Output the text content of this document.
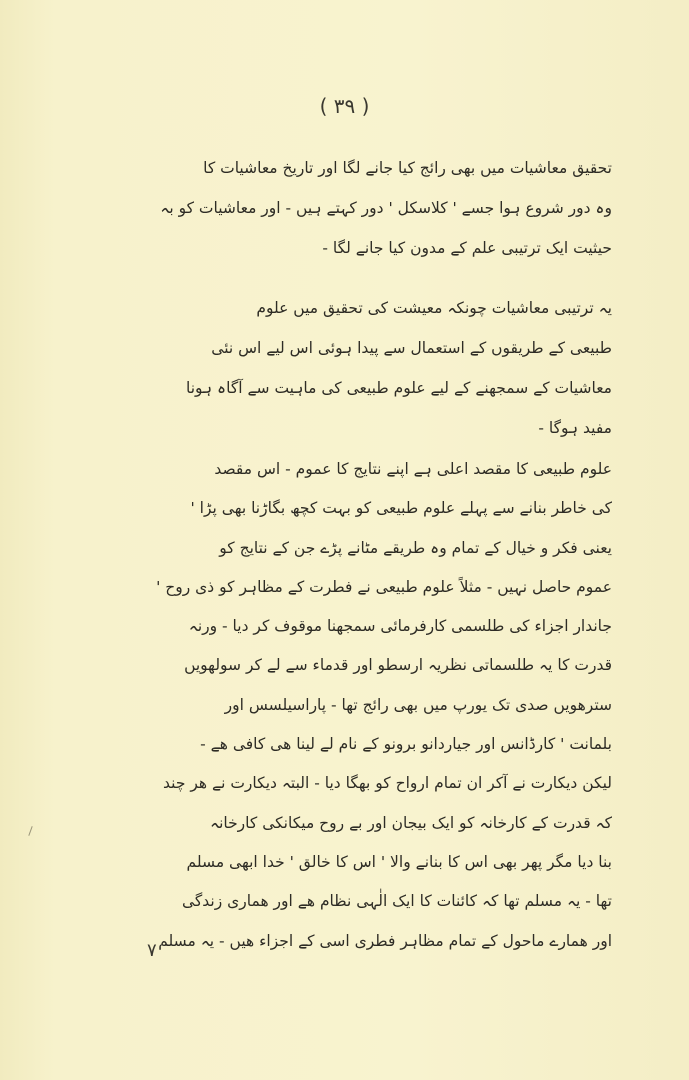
( ٣٩ )
تحقیق معاشیات میں بھی رائج کیا جانے لگا اور تاریخ معاشیات کا
وہ دور شروع ہوا جسے ' کلاسکل ' دور کہتے ہیں - اور معاشیات کو بہ
حیثیت ایک ترتیبی علم کے مدون کیا جانے لگا -
یہ ترتیبی معاشیات چونکہ معیشت کی تحقیق میں علوم
طبیعی کے طریقوں کے استعمال سے پیدا ہوئی اس لیے اس نئی
معاشیات کے سمجھنے کے لیے علوم طبیعی کی ماہیت سے آگاہ ہونا
مفید ہوگا -
علوم طبیعی کا مقصد اعلی ہے اپنے نتایج کا عموم - اس مقصد
کی خاطر بنانے سے پہلے علوم طبیعی کو بہت کچھ بگاڑنا بھی پڑا '
یعنی فکر و خیال کے تمام وہ طریقے مٹانے پڑے جن کے نتایج کو
عموم حاصل نہیں - مثلاً علوم طبیعی نے فطرت کے مظاہر کو ذی روح '
جاندار اجزاء کی طلسمی کارفرمائی سمجھنا موقوف کر دیا - ورنہ
قدرت کا یہ طلسماتی نظریہ ارسطو اور قدماء سے لے کر سولھویں
سترھویں صدی تک یورپ میں بھی رائج تھا - پاراسیلسس اور
بلمانت ' کارڈانس اور جیاردانو برونو کے نام لے لینا ھی کافی ھے -
لیکن دیکارت نے آکر ان تمام ارواح کو بھگا دیا - البتہ دیکارت نے ھر چند
کہ قدرت کے کارخانہ کو ایک بیجان اور بے روح میکانکی کارخانہ
بنا دیا مگر پھر بھی اس کا بنانے والا ' اس کا خالق ' خدا ابھی مسلم
تھا - یہ مسلم تھا کہ کائنات کا ایک الٰہی نظام ھے اور ھماری زندگی
اور ھمارے ماحول کے تمام مظاہر فطری اسی کے اجزاء ھیں - یہ مسلم
٧
